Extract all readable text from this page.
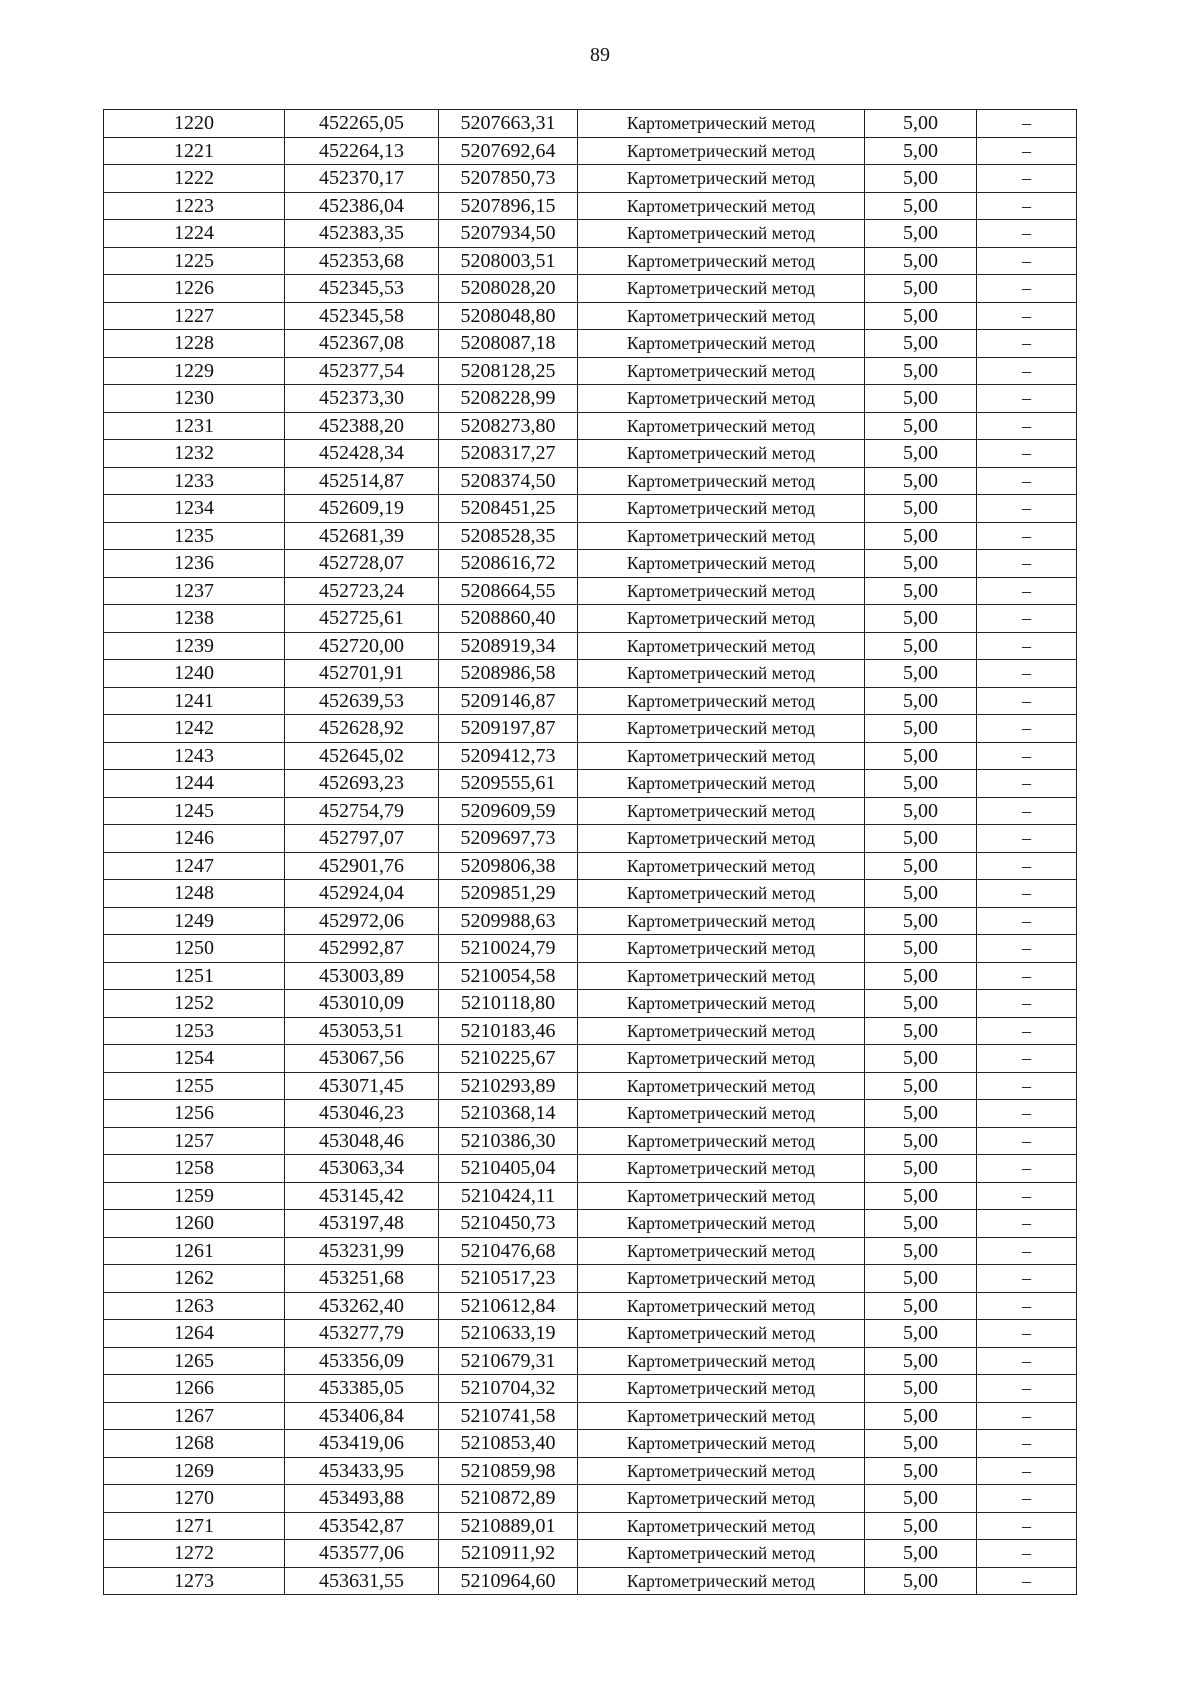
89
1220	452265,05	5207663,31	Картометрический метод	5,00	–
1221	452264,13	5207692,64	Картометрический метод	5,00	–
1222	452370,17	5207850,73	Картометрический метод	5,00	–
1223	452386,04	5207896,15	Картометрический метод	5,00	–
1224	452383,35	5207934,50	Картометрический метод	5,00	–
1225	452353,68	5208003,51	Картометрический метод	5,00	–
1226	452345,53	5208028,20	Картометрический метод	5,00	–
1227	452345,58	5208048,80	Картометрический метод	5,00	–
1228	452367,08	5208087,18	Картометрический метод	5,00	–
1229	452377,54	5208128,25	Картометрический метод	5,00	–
1230	452373,30	5208228,99	Картометрический метод	5,00	–
1231	452388,20	5208273,80	Картометрический метод	5,00	–
1232	452428,34	5208317,27	Картометрический метод	5,00	–
1233	452514,87	5208374,50	Картометрический метод	5,00	–
1234	452609,19	5208451,25	Картометрический метод	5,00	–
1235	452681,39	5208528,35	Картометрический метод	5,00	–
1236	452728,07	5208616,72	Картометрический метод	5,00	–
1237	452723,24	5208664,55	Картометрический метод	5,00	–
1238	452725,61	5208860,40	Картометрический метод	5,00	–
1239	452720,00	5208919,34	Картометрический метод	5,00	–
1240	452701,91	5208986,58	Картометрический метод	5,00	–
1241	452639,53	5209146,87	Картометрический метод	5,00	–
1242	452628,92	5209197,87	Картометрический метод	5,00	–
1243	452645,02	5209412,73	Картометрический метод	5,00	–
1244	452693,23	5209555,61	Картометрический метод	5,00	–
1245	452754,79	5209609,59	Картометрический метод	5,00	–
1246	452797,07	5209697,73	Картометрический метод	5,00	–
1247	452901,76	5209806,38	Картометрический метод	5,00	–
1248	452924,04	5209851,29	Картометрический метод	5,00	–
1249	452972,06	5209988,63	Картометрический метод	5,00	–
1250	452992,87	5210024,79	Картометрический метод	5,00	–
1251	453003,89	5210054,58	Картометрический метод	5,00	–
1252	453010,09	5210118,80	Картометрический метод	5,00	–
1253	453053,51	5210183,46	Картометрический метод	5,00	–
1254	453067,56	5210225,67	Картометрический метод	5,00	–
1255	453071,45	5210293,89	Картометрический метод	5,00	–
1256	453046,23	5210368,14	Картометрический метод	5,00	–
1257	453048,46	5210386,30	Картометрический метод	5,00	–
1258	453063,34	5210405,04	Картометрический метод	5,00	–
1259	453145,42	5210424,11	Картометрический метод	5,00	–
1260	453197,48	5210450,73	Картометрический метод	5,00	–
1261	453231,99	5210476,68	Картометрический метод	5,00	–
1262	453251,68	5210517,23	Картометрический метод	5,00	–
1263	453262,40	5210612,84	Картометрический метод	5,00	–
1264	453277,79	5210633,19	Картометрический метод	5,00	–
1265	453356,09	5210679,31	Картометрический метод	5,00	–
1266	453385,05	5210704,32	Картометрический метод	5,00	–
1267	453406,84	5210741,58	Картометрический метод	5,00	–
1268	453419,06	5210853,40	Картометрический метод	5,00	–
1269	453433,95	5210859,98	Картометрический метод	5,00	–
1270	453493,88	5210872,89	Картометрический метод	5,00	–
1271	453542,87	5210889,01	Картометрический метод	5,00	–
1272	453577,06	5210911,92	Картометрический метод	5,00	–
1273	453631,55	5210964,60	Картометрический метод	5,00	–
